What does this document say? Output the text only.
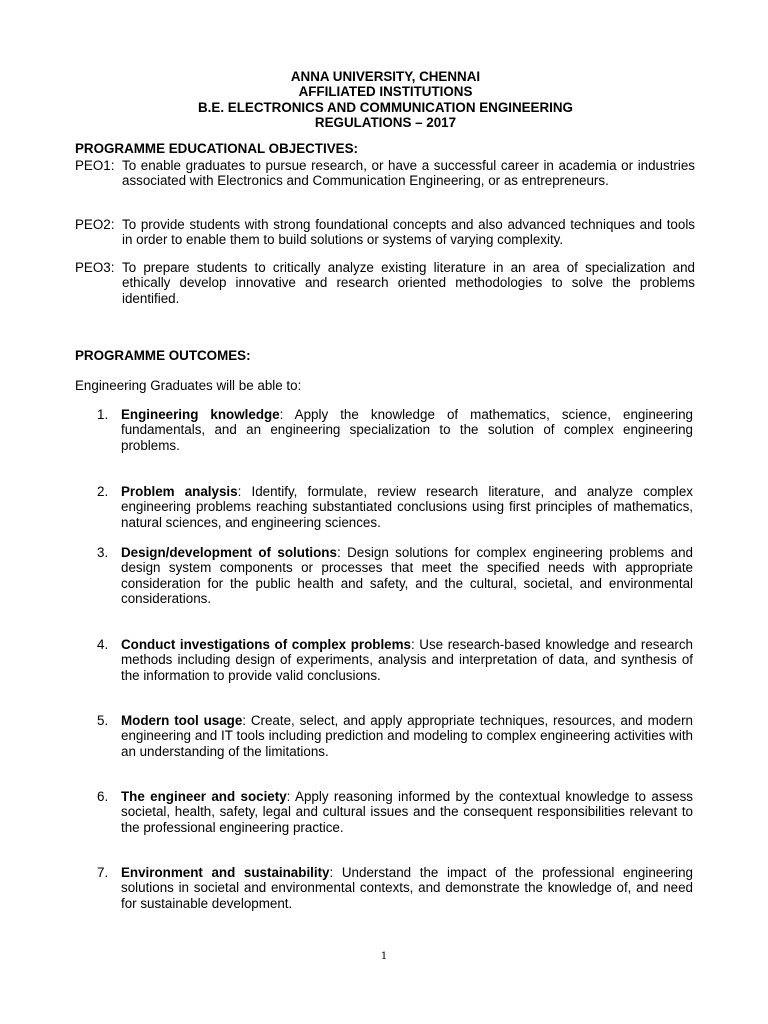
ANNA UNIVERSITY, CHENNAI
AFFILIATED INSTITUTIONS
B.E. ELECTRONICS AND COMMUNICATION ENGINEERING
REGULATIONS – 2017
PROGRAMME EDUCATIONAL OBJECTIVES:
PEO1: To enable graduates to pursue research, or have a successful career in academia or industries associated with Electronics and Communication Engineering, or as entrepreneurs.
PEO2: To provide students with strong foundational concepts and also advanced techniques and tools in order to enable them to build solutions or systems of varying complexity.
PEO3: To prepare students to critically analyze existing literature in an area of specialization and ethically develop innovative and research oriented methodologies to solve the problems identified.
PROGRAMME OUTCOMES:
Engineering Graduates will be able to:
1. Engineering knowledge: Apply the knowledge of mathematics, science, engineering fundamentals, and an engineering specialization to the solution of complex engineering problems.
2. Problem analysis: Identify, formulate, review research literature, and analyze complex engineering problems reaching substantiated conclusions using first principles of mathematics, natural sciences, and engineering sciences.
3. Design/development of solutions: Design solutions for complex engineering problems and design system components or processes that meet the specified needs with appropriate consideration for the public health and safety, and the cultural, societal, and environmental considerations.
4. Conduct investigations of complex problems: Use research-based knowledge and research methods including design of experiments, analysis and interpretation of data, and synthesis of the information to provide valid conclusions.
5. Modern tool usage: Create, select, and apply appropriate techniques, resources, and modern engineering and IT tools including prediction and modeling to complex engineering activities with an understanding of the limitations.
6. The engineer and society: Apply reasoning informed by the contextual knowledge to assess societal, health, safety, legal and cultural issues and the consequent responsibilities relevant to the professional engineering practice.
7. Environment and sustainability: Understand the impact of the professional engineering solutions in societal and environmental contexts, and demonstrate the knowledge of, and need for sustainable development.
1
